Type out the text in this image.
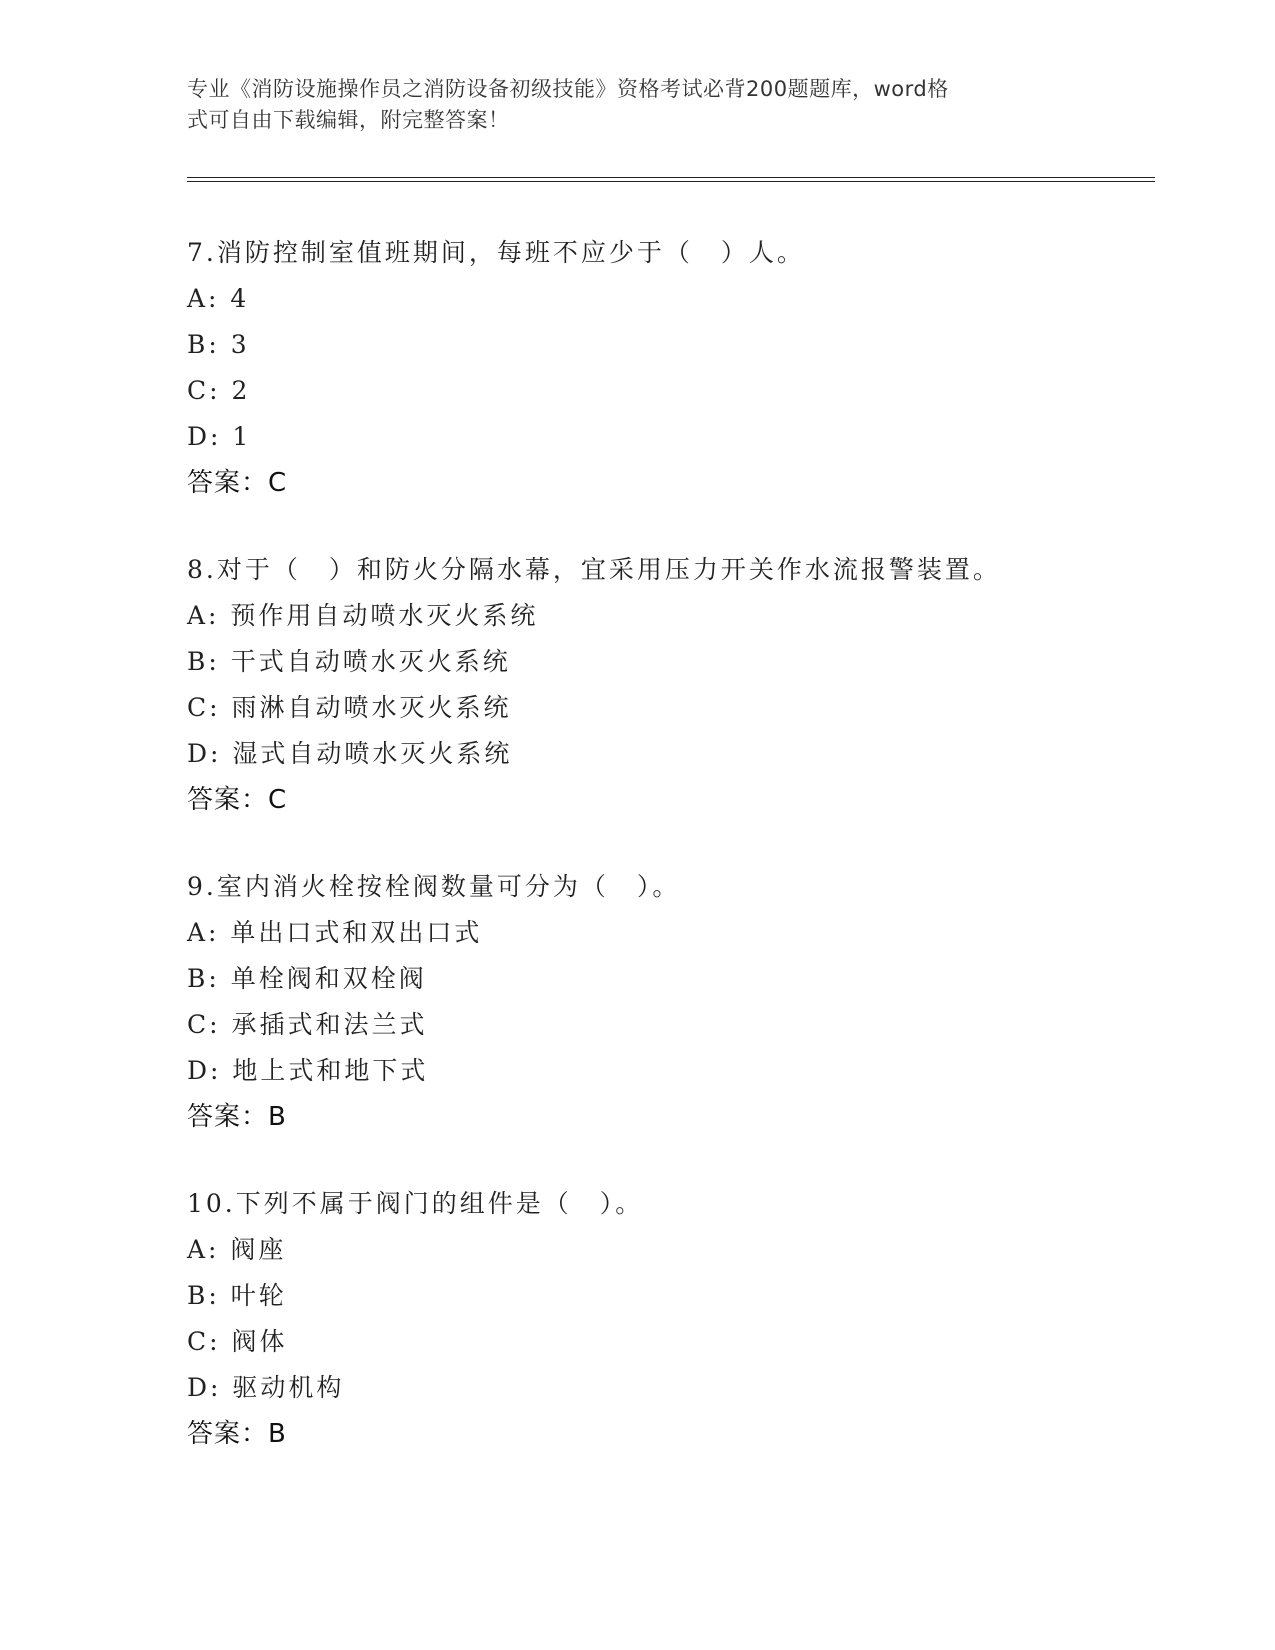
专业《消防设施操作员之消防设备初级技能》资格考试必背200题题库，word格
式可自由下载编辑，附完整答案！
7.消防控制室值班期间，每班不应少于（　）人。
A: 4
B: 3
C: 2
D: 1
答案：C
8.对于（　）和防火分隔水幕，宜采用压力开关作水流报警装置。
A: 预作用自动喷水灭火系统
B: 干式自动喷水灭火系统
C: 雨淋自动喷水灭火系统
D: 湿式自动喷水灭火系统
答案：C
9.室内消火栓按栓阀数量可分为（　）。
A: 单出口式和双出口式
B: 单栓阀和双栓阀
C: 承插式和法兰式
D: 地上式和地下式
答案：B
10.下列不属于阀门的组件是（　）。
A: 阀座
B: 叶轮
C: 阀体
D: 驱动机构
答案：B
